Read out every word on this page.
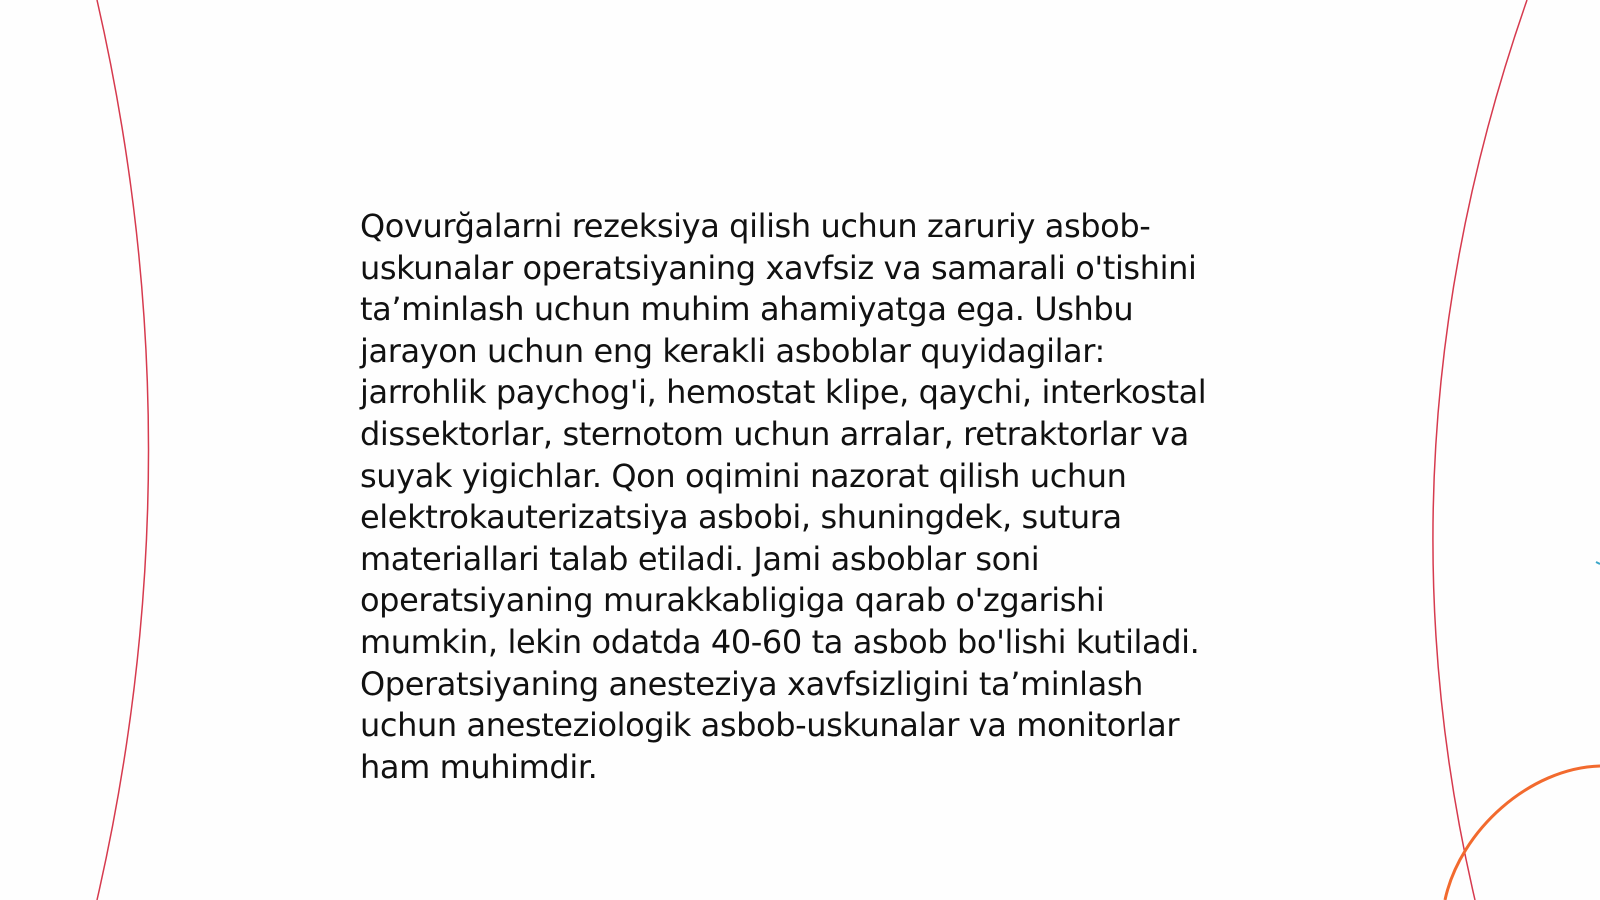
Qovurğalarni rezeksiya qilish uchun zaruriy asbob-
uskunalar operatsiyaning xavfsiz va samarali o'tishini
ta’minlash uchun muhim ahamiyatga ega. Ushbu
jarayon uchun eng kerakli asboblar quyidagilar:
jarrohlik paychog'i, hemostat klipe, qaychi, interkostal
dissektorlar, sternotom uchun arralar, retraktorlar va
suyak yigichlar. Qon oqimini nazorat qilish uchun
elektrokauterizatsiya asbobi, shuningdek, sutura
materiallari talab etiladi. Jami asboblar soni
operatsiyaning murakkabligiga qarab o'zgarishi
mumkin, lekin odatda 40-60 ta asbob bo'lishi kutiladi.
Operatsiyaning anesteziya xavfsizligini ta’minlash
uchun anesteziologik asbob-uskunalar va monitorlar
ham muhimdir.
